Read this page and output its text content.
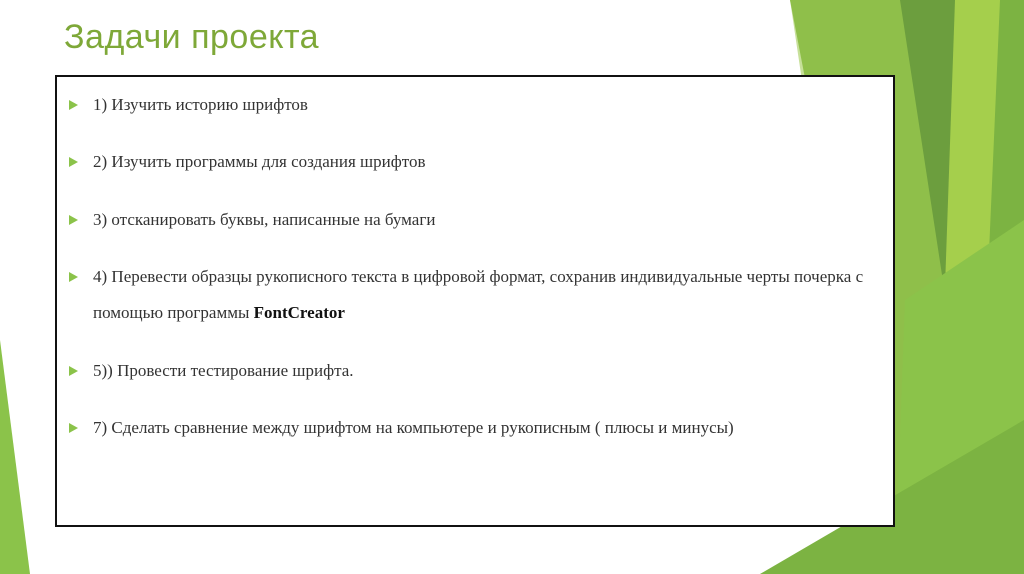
Задачи проекта
1) Изучить историю шрифтов
2) Изучить программы для создания шрифтов
3) отсканировать буквы, написанные на бумаги
4) Перевести образцы рукописного текста в цифровой формат, сохранив индивидуальные черты почерка с помощью программы FontCreator
5)) Провести тестирование шрифта.
7) Сделать сравнение между шрифтом на компьютере и рукописным ( плюсы и минусы)
